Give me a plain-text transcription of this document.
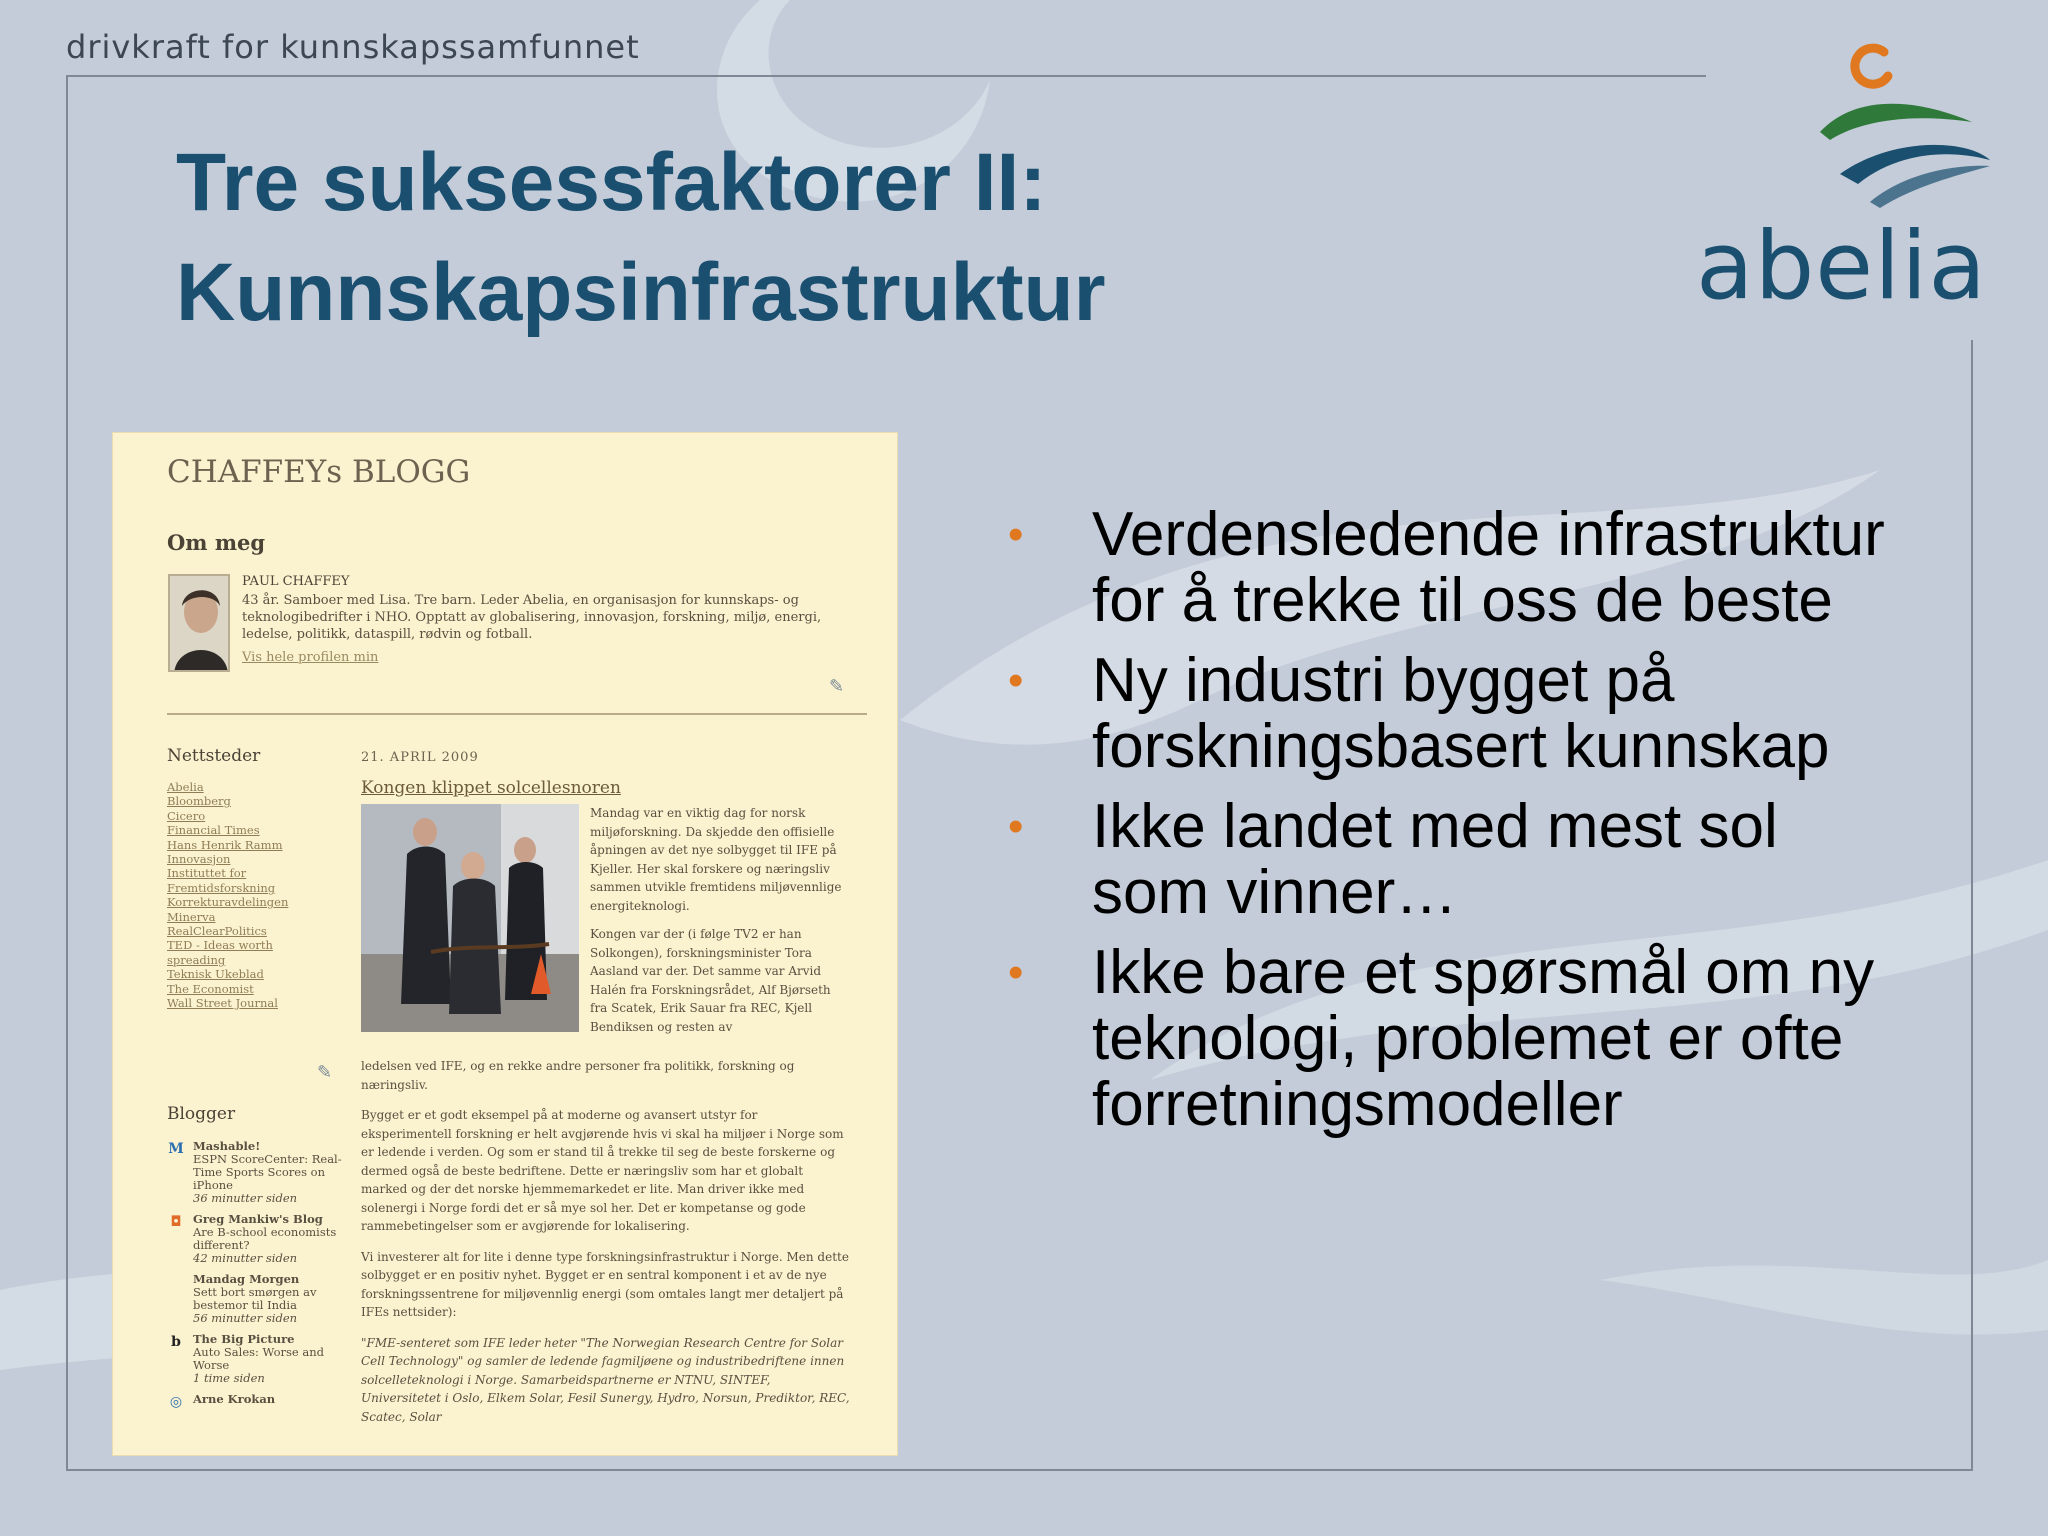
drivkraft for kunnskapssamfunnet
Tre suksessfaktorer II:
Kunnskapsinfrastruktur	abelia
CHAFFEYs BLOGG
Om meg
PAUL CHAFFEY
43 år. Samboer med Lisa. Tre barn. Leder Abelia, en organisasjon for kunnskaps- og teknologibedrifter i NHO. Opptatt av globalisering, innovasjon, forskning, miljø, energi, ledelse, politikk, dataspill, rødvin og fotball.
Vis hele profilen min
✎
Nettsteder
Abelia
Bloomberg
Cicero
Financial Times
Hans Henrik Ramm
Innovasjon
Instituttet for
Fremtidsforskning
Korrekturavdelingen
Minerva
RealClearPolitics
TED - Ideas worth
spreading
Teknisk Ukeblad
The Economist
Wall Street Journal
✎
Blogger
M Mashable!
ESPN ScoreCenter: Real-Time Sports Scores on iPhone
36 minutter siden
◘ Greg Mankiw's Blog
Are B-school economists different?
42 minutter siden
Mandag Morgen
Sett bort smørgen av bestemor til India
56 minutter siden
b	The Big Picture
Auto Sales: Worse and Worse
1 time siden
◎ Arne Krokan
21. APRIL 2009
Kongen klippet solcellesnoren

Mandag var en viktig dag for norsk miljøforskning. Da skjedde den offisielle åpningen av det nye solbygget til IFE på Kjeller. Her skal forskere og næringsliv sammen utvikle fremtidens miljøvennlige energiteknologi.

Kongen var der (i følge TV2 er han Solkongen), forskningsminister Tora Aasland var der. Det samme var Arvid Halén fra Forskningsrådet, Alf Bjørseth fra Scatek, Erik Sauar fra REC, Kjell Bendiksen og resten av

ledelsen ved IFE, og en rekke andre personer fra politikk, forskning og næringsliv.

Bygget er et godt eksempel på at moderne og avansert utstyr for eksperimentell forskning er helt avgjørende hvis vi skal ha miljøer i Norge som er ledende i verden. Og som er stand til å trekke til seg de beste forskerne og dermed også de beste bedriftene. Dette er næringsliv som har et globalt marked og der det norske hjemmemarkedet er lite. Man driver ikke med solenergi i Norge fordi det er så mye sol her. Det er kompetanse og gode rammebetingelser som er avgjørende for lokalisering.

Vi investerer alt for lite i denne type forskningsinfrastruktur i Norge. Men dette solbygget er en positiv nyhet. Bygget er en sentral komponent i et av de nye forskningssentrene for miljøvennlig energi (som omtales langt mer detaljert på IFEs nettsider):

"FME-senteret som IFE leder heter "The Norwegian Research Centre for Solar Cell Technology" og samler de ledende fagmiljøene og industribedriftene innen solcelleteknologi i Norge. Samarbeidspartnerne er NTNU, SINTEF, Universitetet i Oslo, Elkem Solar, Fesil Sunergy, Hydro, Norsun, Prediktor, REC, Scatec, Solar

• Verdensledende infrastruktur for å trekke til oss de beste
• Ny industri bygget på forskningsbasert kunnskap
• Ikke landet med mest sol som vinner…
• Ikke bare et spørsmål om ny teknologi, problemet er ofte forretningsmodeller
